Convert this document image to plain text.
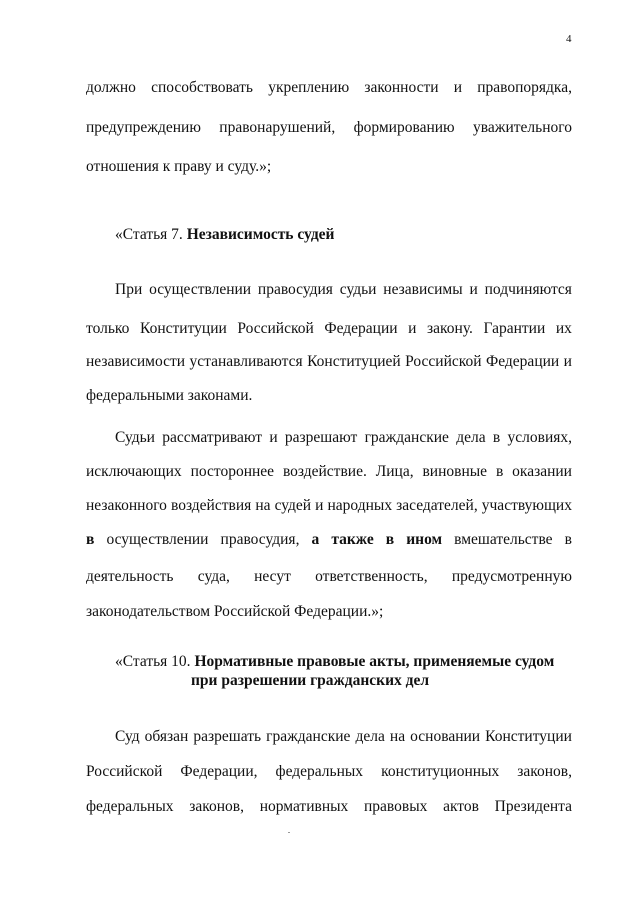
4
должно способствовать укреплению законности и правопорядка,
предупреждению правонарушений, формированию уважительного
отношения к праву и суду.»;
«Статья 7. Независимость судей
При осуществлении правосудия судьи независимы и подчиняются
только Конституции Российской Федерации и закону. Гарантии их
независимости устанавливаются Конституцией Российской Федерации и
федеральными законами.
Судьи рассматривают и разрешают гражданские дела в условиях,
исключающих постороннее воздействие. Лица, виновные в оказании
незаконного воздействия на судей и народных заседателей, участвующих
в осуществлении правосудия, а также в ином вмешательстве в
деятельность суда, несут ответственность, предусмотренную
законодательством Российской Федерации.»;
«Статья 10. Нормативные правовые акты, применяемые судом
при разрешении гражданских дел
Суд обязан разрешать гражданские дела на основании Конституции
Российской Федерации, федеральных конституционных законов,
федеральных законов, нормативных правовых актов Президента
